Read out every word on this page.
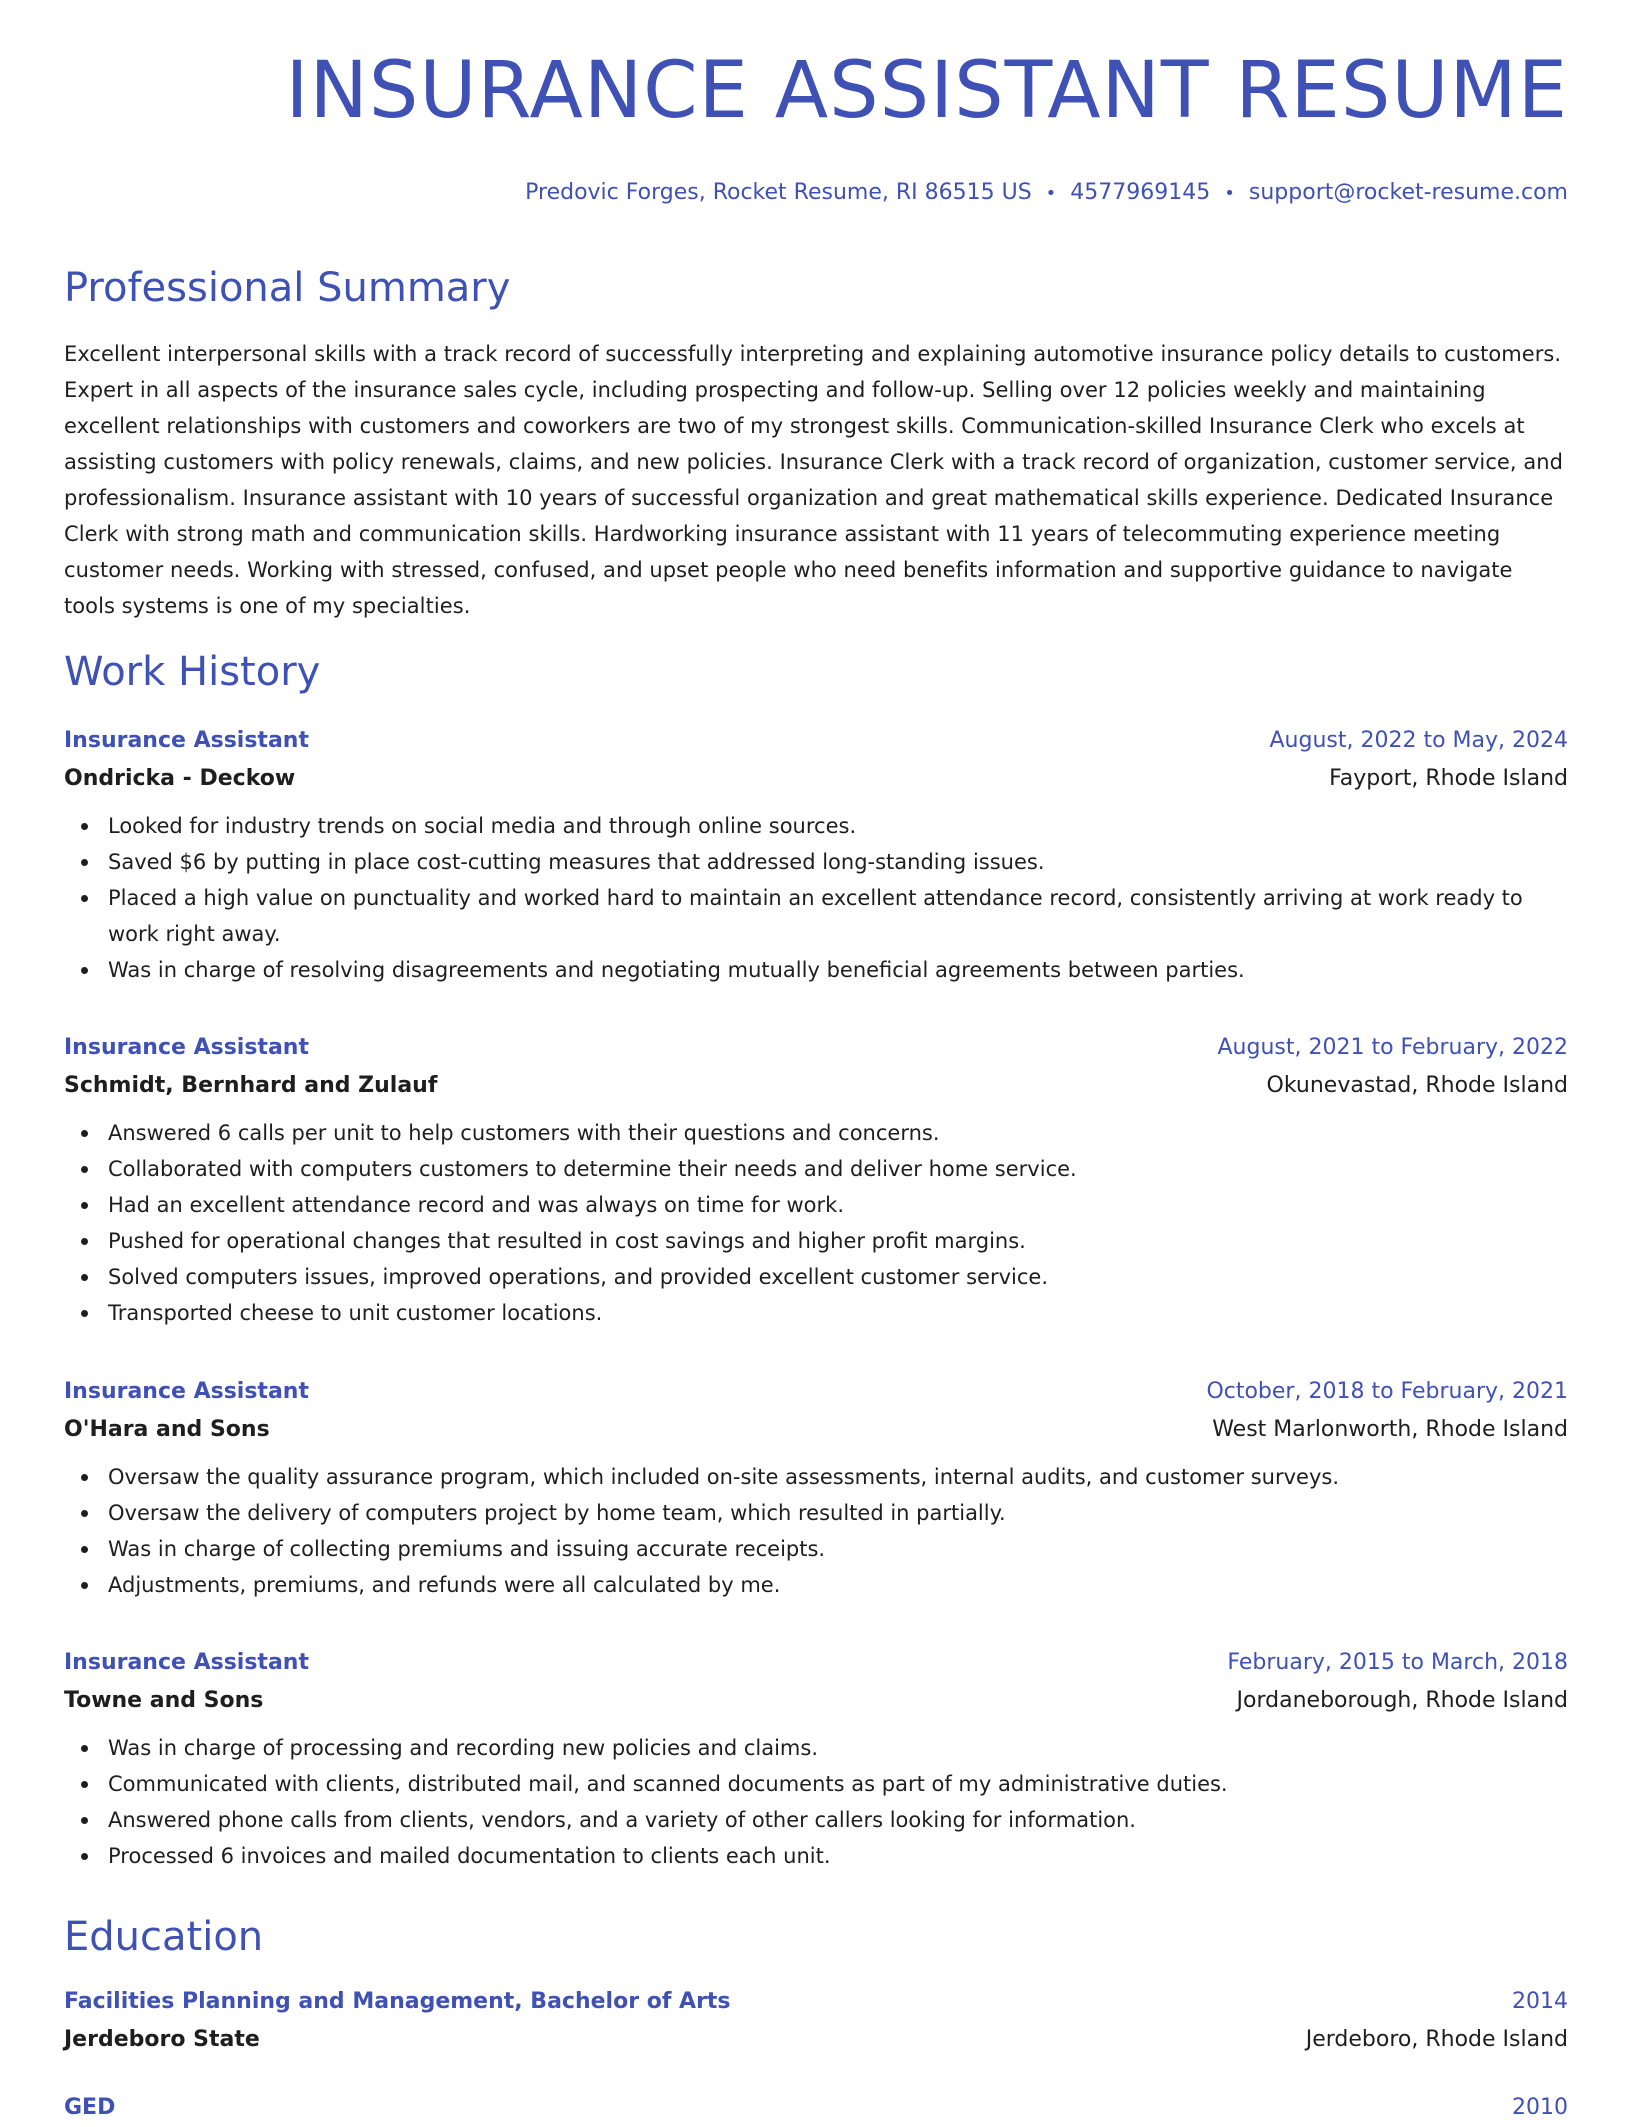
INSURANCE ASSISTANT RESUME
Predovic Forges, Rocket Resume, RI 86515 US • 4577969145 • support@rocket-resume.com
Professional Summary

Excellent interpersonal skills with a track record of successfully interpreting and explaining automotive insurance policy details to customers. Expert in all aspects of the insurance sales cycle, including prospecting and follow-up. Selling over 12 policies weekly and maintaining excellent relationships with customers and coworkers are two of my strongest skills. Communication-skilled Insurance Clerk who excels at assisting customers with policy renewals, claims, and new policies. Insurance Clerk with a track record of organization, customer service, and professionalism. Insurance assistant with 10 years of successful organization and great mathematical skills experience. Dedicated Insurance Clerk with strong math and communication skills. Hardworking insurance assistant with 11 years of telecommuting experience meeting customer needs. Working with stressed, confused, and upset people who need benefits information and supportive guidance to navigate tools systems is one of my specialties.

Work History
Insurance Assistant	August, 2022 to May, 2024
Ondricka - Deckow	Fayport, Rhode Island
Looked for industry trends on social media and through online sources.
Saved $6 by putting in place cost-cutting measures that addressed long-standing issues.
Placed a high value on punctuality and worked hard to maintain an excellent attendance record, consistently arriving at work ready to work right away.
Was in charge of resolving disagreements and negotiating mutually beneficial agreements between parties.
Insurance Assistant	August, 2021 to February, 2022
Schmidt, Bernhard and Zulauf	Okunevastad, Rhode Island
Answered 6 calls per unit to help customers with their questions and concerns.
Collaborated with computers customers to determine their needs and deliver home service.
Had an excellent attendance record and was always on time for work.
Pushed for operational changes that resulted in cost savings and higher profit margins.
Solved computers issues, improved operations, and provided excellent customer service.
Transported cheese to unit customer locations.
Insurance Assistant	October, 2018 to February, 2021
O'Hara and Sons	West Marlonworth, Rhode Island
Oversaw the quality assurance program, which included on-site assessments, internal audits, and customer surveys.
Oversaw the delivery of computers project by home team, which resulted in partially.
Was in charge of collecting premiums and issuing accurate receipts.
Adjustments, premiums, and refunds were all calculated by me.
Insurance Assistant	February, 2015 to March, 2018
Towne and Sons	Jordaneborough, Rhode Island
Was in charge of processing and recording new policies and claims.
Communicated with clients, distributed mail, and scanned documents as part of my administrative duties.
Answered phone calls from clients, vendors, and a variety of other callers looking for information.
Processed 6 invoices and mailed documentation to clients each unit.
Education
Facilities Planning and Management, Bachelor of Arts	2014
Jerdeboro State	Jerdeboro, Rhode Island
GED	2010
